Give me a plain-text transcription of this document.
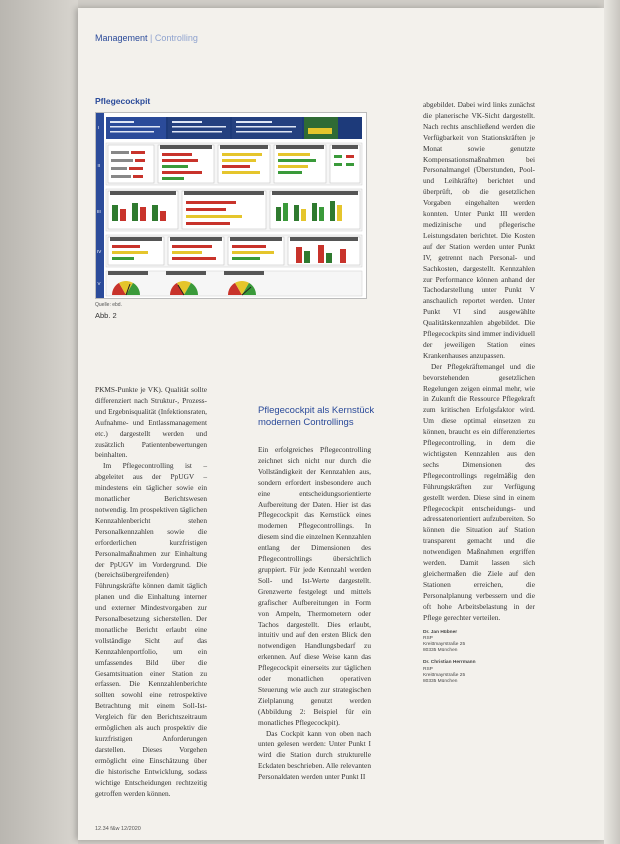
Management | Controlling
Pflegecockpit
I
II
III
IV
V
Quelle: ebd.
Abb. 2

PKMS-Punkte je VK). Qualität sollte differenziert nach Struktur-, Prozess- und Ergebnisqualität (Infektionsraten, Aufnahme- und Entlassmanagement etc.) dargestellt werden und zusätzlich Patientenbewertungen beinhalten.

Im Pflegecontrolling ist – abgeleitet aus der PpUGV – mindestens ein täglicher sowie ein monatlicher Berichtswesen notwendig. Im prospektiven täglichen Kennzahlenbericht stehen Personalkennzahlen sowie die erforderlichen kurzfristigen Personalmaßnahmen zur Einhaltung der PpUGV im Vordergrund. Die (bereichsübergreifenden) Führungskräfte können damit täglich planen und die Einhaltung interner und externer Mindestvorgaben zur Personalbesetzung sicherstellen. Der monatliche Bericht erlaubt eine vollständige Sicht auf das Kennzahlenportfolio, um ein umfassendes Bild über die Gesamtsituation einer Station zu erfassen. Die Kennzahlenberichte sollten sowohl eine retrospektive Betrachtung mit einem Soll-Ist-Vergleich für den Berichtszeitraum ermöglichen als auch prospektiv die kurzfristigen Anforderungen darstellen. Dieses Vorgehen ermöglicht eine Einschätzung über die historische Entwicklung, sodass wichtige Entscheidungen rechtzeitig getroffen werden können.

Pflegecockpit als Kernstück modernen Controllings

Ein erfolgreiches Pflegecontrolling zeichnet sich nicht nur durch die Vollständigkeit der Kennzahlen aus, sondern erfordert insbesondere auch eine entscheidungsorientierte Aufbereitung der Daten. Hier ist das Pflegecockpit das Kernstück eines modernen Pflegecontrollings. In diesem sind die einzelnen Kennzahlen entlang der Dimensionen des Pflegecontrollings übersichtlich gruppiert. Für jede Kennzahl werden Soll- und Ist-Werte dargestellt. Grenzwerte festgelegt und mittels grafischer Aufbereitungen in Form von Ampeln, Thermometern oder Tachos dargestellt. Dies erlaubt, intuitiv und auf den ersten Blick den notwendigen Handlungsbedarf zu erkennen. Auf diese Weise kann das Pflegecockpit einerseits zur täglichen oder monatlichen operativen Steuerung wie auch zur strategischen Zielplanung genutzt werden (Abbildung 2: Beispiel für ein monatliches Pflegecockpit).

Das Cockpit kann von oben nach unten gelesen werden: Unter Punkt I wird die Station durch strukturelle Eckdaten beschrieben. Alle relevanten Personaldaten werden unter Punkt II

abgebildet. Dabei wird links zunächst die planerische VK-Sicht dargestellt. Nach rechts anschließend werden die Verfügbarkeit von Stationskräften je Monat sowie genutzte Kompensationsmaßnahmen bei Personalmangel (Überstunden, Pool- und Leihkräfte) berichtet und überprüft, ob die gesetzlichen Vorgaben eingehalten werden konnten. Unter Punkt III werden medizinische und pflegerische Leistungsdaten berichtet. Die Kosten auf der Station werden unter Punkt IV, getrennt nach Personal- und Sachkosten, dargestellt. Kennzahlen zur Performance können anhand der Tachodarstellung unter Punkt V anschaulich reportet werden. Unter Punkt VI sind ausgewählte Qualitätskennzahlen abgebildet. Die Pflegecockpits sind immer individuell der jeweiligen Station eines Krankenhauses anzupassen.

Der Pflegekräftemangel und die bevorstehenden gesetzlichen Regelungen zeigen einmal mehr, wie in Zukunft die Ressource Pflegekraft zum kritischen Erfolgsfaktor wird. Um diese optimal einsetzen zu können, braucht es ein differenziertes Pflegecontrolling, in dem die wichtigsten Kennzahlen aus den sechs Dimensionen des Pflegecontrollings regelmäßig den Führungskräften zur Verfügung gestellt werden. Diese sind in einem Pflegecockpit entscheidungs- und adressatenorientiert aufzubereiten. So können die Situation auf Station transparent gemacht und die notwendigen Maßnahmen ergriffen werden. Damit lassen sich gleichermaßen die Ziele auf den Stationen erreichen, die Personalplanung verbessern und die oft hohe Arbeitsbelastung in der Pflege gerechter verteilen.

Dr. Jan Hübner
RSP
Kreittmayrstraße 25
80335 München
Dr. Christian Herrmann
RSP
Kreittmayrstraße 25
80335 München
12.34 f&w 12/2020
